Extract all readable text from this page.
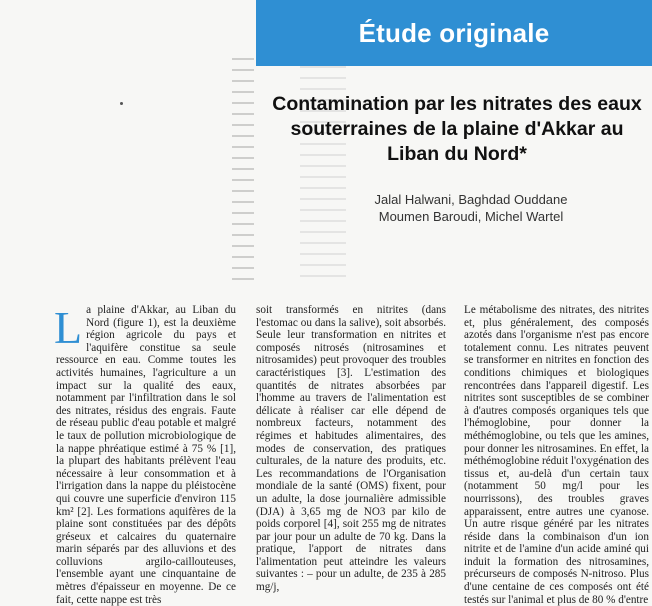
Étude originale
Contamination par les nitrates des eaux souterraines de la plaine d'Akkar au Liban du Nord*
Jalal Halwani, Baghdad Ouddane
Moumen Baroudi, Michel Wartel
L a plaine d'Akkar, au Liban du Nord (figure 1), est la deuxième région agricole du pays et l'aquifère constitue sa seule ressource en eau. Comme toutes les activités humaines, l'agriculture a un impact sur la qualité des eaux, notamment par l'infiltration dans le sol des nitrates, résidus des engrais. Faute de réseau public d'eau potable et malgré le taux de pollution microbiologique de la nappe phréatique estimé à 75 % [1], la plupart des habitants prélèvent l'eau nécessaire à leur consommation et à l'irrigation dans la nappe du pléistocène qui couvre une superficie d'environ 115 km² [2]. Les formations aquifères de la plaine sont constituées par des dépôts gréseux et calcaires du quaternaire marin séparés par des alluvions et des colluvions argilo-caillouteuses, l'ensemble ayant une cinquantaine de mètres d'épaisseur en moyenne. De ce fait, cette nappe est très

soit transformés en nitrites (dans l'estomac ou dans la salive), soit absorbés. Seule leur transformation en nitrites et composés nitrosés (nitrosamines et nitrosamides) peut provoquer des troubles caractéristiques [3]. L'estimation des quantités de nitrates absorbées par l'homme au travers de l'alimentation est délicate à réaliser car elle dépend de nombreux facteurs, notamment des régimes et habitudes alimentaires, des modes de conservation, des pratiques culturales, de la nature des produits, etc. Les recommandations de l'Organisation mondiale de la santé (OMS) fixent, pour un adulte, la dose journalière admissible (DJA) à 3,65 mg de NO3 par kilo de poids corporel [4], soit 255 mg de nitrates par jour pour un adulte de 70 kg. Dans la pratique, l'apport de nitrates dans l'alimentation peut atteindre les valeurs suivantes : – pour un adulte, de 235 à 285 mg/j,

Le métabolisme des nitrates, des nitrites et, plus généralement, des composés azotés dans l'organisme n'est pas encore totalement connu. Les nitrates peuvent se transformer en nitrites en fonction des conditions chimiques et biologiques rencontrées dans l'appareil digestif. Les nitrites sont susceptibles de se combiner à d'autres composés organiques tels que l'hémoglobine, pour donner la méthémoglobine, ou tels que les amines, pour donner les nitrosamines. En effet, la méthémoglobine réduit l'oxygénation des tissus et, au-delà d'un certain taux (notamment 50 mg/l pour les nourrissons), des troubles graves apparaissent, entre autres une cyanose. Un autre risque généré par les nitrates réside dans la combinaison d'un ion nitrite et de l'amine d'un acide aminé qui induit la formation des nitrosamines, précurseurs de composés N-nitroso. Plus d'une centaine de ces composés ont été testés sur l'animal et plus de 80 % d'entre
